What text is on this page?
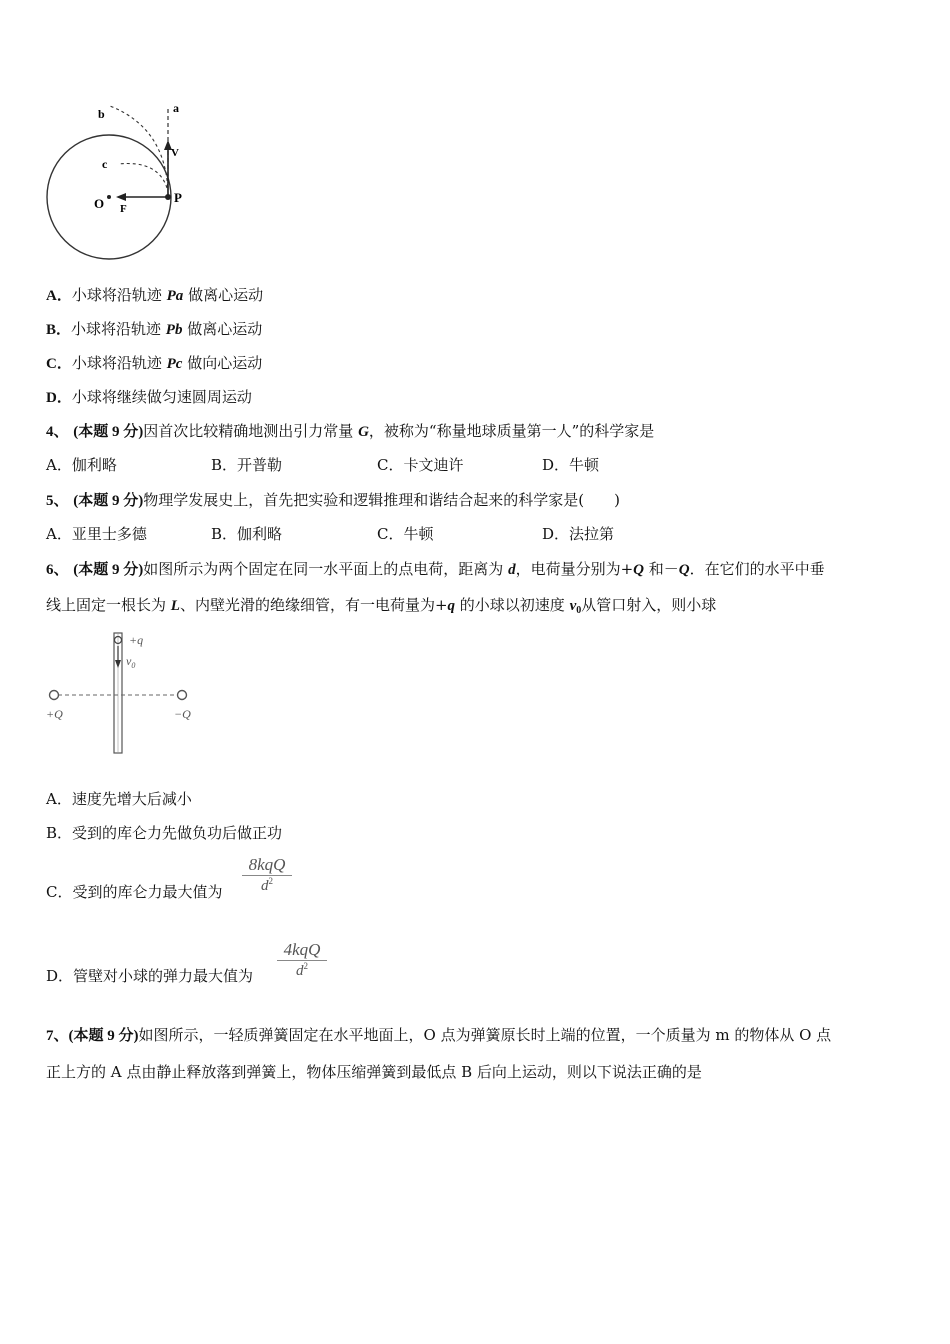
a
b
c
V
O F
P
A．小球将沿轨迹 Pa 做离心运动
B．小球将沿轨迹 Pb 做离心运动
C．小球将沿轨迹 Pc 做向心运动
D．小球将继续做匀速圆周运动
4、 (本题 9 分)因首次比较精确地测出引力常量 G，被称为“称量地球质量第一人”的科学家是
A．伽利略	B．开普勒	C．卡文迪许	D．牛顿
5、 (本题 9 分)物理学发展史上，首先把实验和逻辑推理和谐结合起来的科学家是(　　)
A．亚里士多德	B．伽利略	C．牛顿	D．法拉第
6、 (本题 9 分)如图所示为两个固定在同一水平面上的点电荷，距离为 d，电荷量分别为+Q 和－Q．在它们的水平中垂
线上固定一根长为 L、内壁光滑的绝缘细管，有一电荷量为+q 的小球以初速度 $v_0$从管口射入，则小球
+q
$v_0$
+Q	−Q
A．速度先增大后减小
B．受到的库仑力先做负功后做正功
C．受到的库仑力最大值为
8kqQ
$d^2$
D．管壁对小球的弹力最大值为
4kqQ
$d^2$
7、(本题 9 分)如图所示，一轻质弹簧固定在水平地面上，O 点为弹簧原长时上端的位置，一个质量为 m 的物体从 O 点
正上方的 A 点由静止释放落到弹簧上，物体压缩弹簧到最低点 B 后向上运动，则以下说法正确的是
